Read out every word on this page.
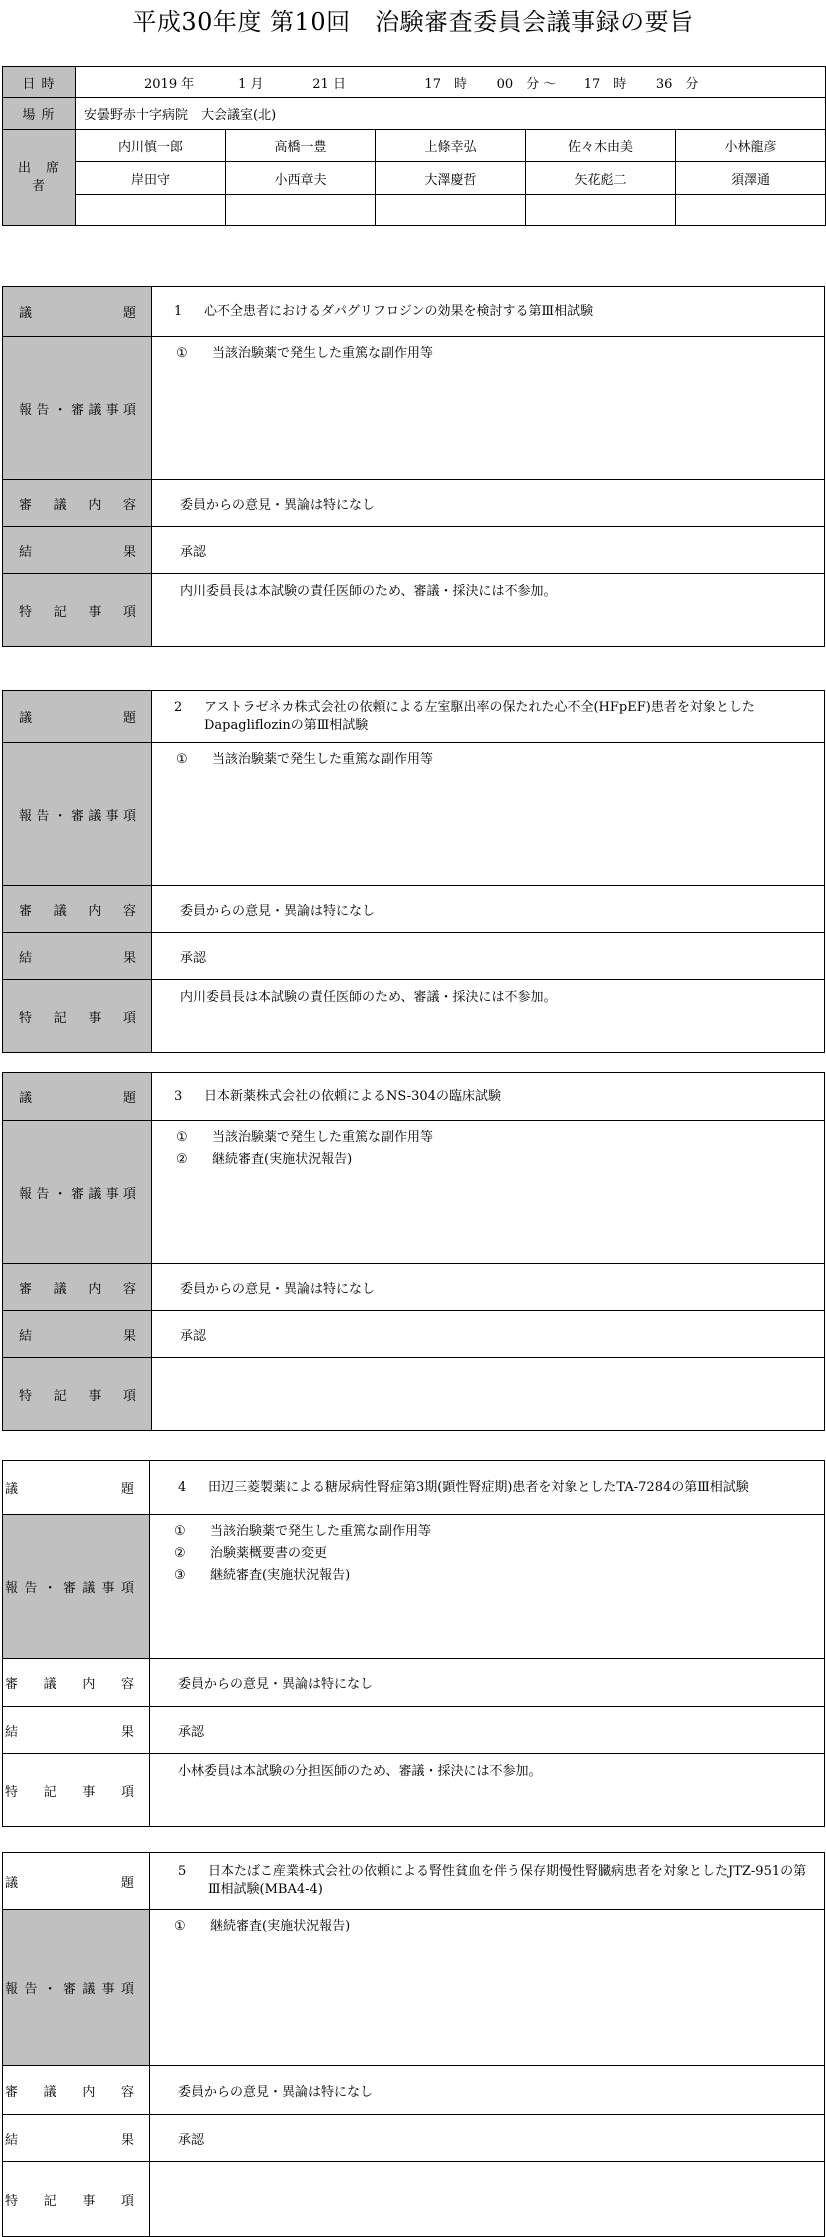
平成30年度 第10回　治験審査委員会議事録の要旨
日 時	2019 年 1 月 21 日 17　時 00　分 ～ 17　時 36　分				
場 所	安曇野赤十字病院　大会議室(北)				

出　席
者	内川慎一郎	高橋一豊	上條幸弘	佐々木由美	小林龍彦
	岸田守	小西章夫	大澤慶哲	矢花彪二	須澤通

議　題	1 心不全患者におけるダパグリフロジンの効果を検討する第Ⅲ相試験
報告・審議事項	① 当該治験薬で発生した重篤な副作用等

審　議　内　容	委員からの意見・異論は特になし
結　果	承認
特　記　事　項	内川委員長は本試験の責任医師のため、審議・採決には不参加。
議　題	2 アストラゼネカ株式会社の依頼による左室駆出率の保たれた心不全(HFpEF)患者を対象とした Dapagliflozinの第Ⅲ相試験

報告・審議事項	① 当該治験薬で発生した重篤な副作用等

審　議　内　容	委員からの意見・異論は特になし
結　果	承認
特　記　事　項	内川委員長は本試験の責任医師のため、審議・採決には不参加。
議　題	3 日本新薬株式会社の依頼によるNS-304の臨床試験
報告・審議事項	① 当該治験薬で発生した重篤な副作用等
② 継続審査(実施状況報告)

審　議　内　容	委員からの意見・異論は特になし
結　果	承認
特　記　事　項	
議　題	4 田辺三菱製薬による糖尿病性腎症第3期(顕性腎症期)患者を対象としたTA-7284の第Ⅲ相試験
報告・審議事項	① 当該治験薬で発生した重篤な副作用等
② 治験薬概要書の変更
③ 継続審査(実施状況報告)

審　議　内　容	委員からの意見・異論は特になし
結　果	承認
特　記　事　項	小林委員は本試験の分担医師のため、審議・採決には不参加。
議　題	5 日本たばこ産業株式会社の依頼による腎性貧血を伴う保存期慢性腎臓病患者を対象としたJTZ-951の第Ⅲ相試験(MBA4-4)

報告・審議事項	① 継続審査(実施状況報告)

審　議　内　容	委員からの意見・異論は特になし
結　果	承認
特　記　事　項	
